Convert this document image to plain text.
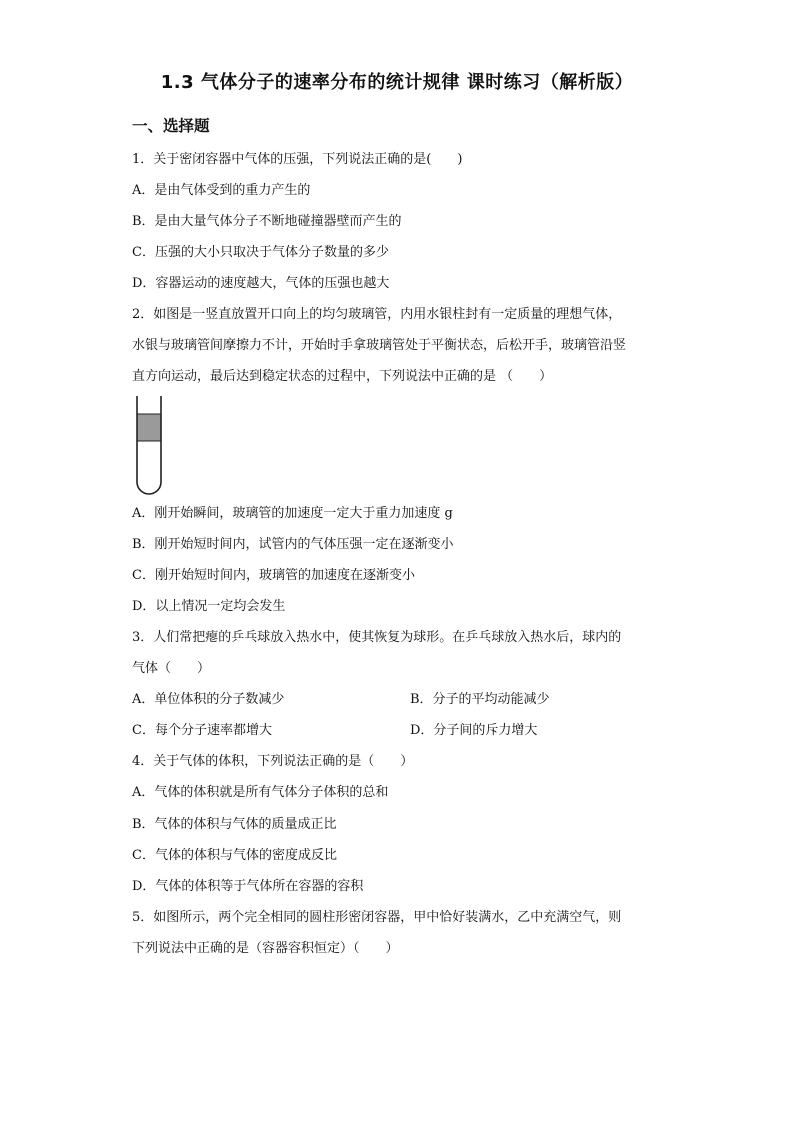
1.3 气体分子的速率分布的统计规律 课时练习（解析版）
一、选择题
1．关于密闭容器中气体的压强，下列说法正确的是(　　)
A．是由气体受到的重力产生的
B．是由大量气体分子不断地碰撞器壁而产生的
C．压强的大小只取决于气体分子数量的多少
D．容器运动的速度越大，气体的压强也越大
2．如图是一竖直放置开口向上的均匀玻璃管，内用水银柱封有一定质量的理想气体，
水银与玻璃管间摩擦力不计，开始时手拿玻璃管处于平衡状态，后松开手，玻璃管沿竖
直方向运动，最后达到稳定状态的过程中，下列说法中正确的是 （　　）
A．刚开始瞬间，玻璃管的加速度一定大于重力加速度 g
B．刚开始短时间内，试管内的气体压强一定在逐渐变小
C．刚开始短时间内，玻璃管的加速度在逐渐变小
D．以上情况一定均会发生
3．人们常把瘪的乒乓球放入热水中，使其恢复为球形。在乒乓球放入热水后，球内的
气体（　　）
A．单位体积的分子数减少	B．分子的平均动能减少
C．每个分子速率都增大	D．分子间的斥力增大
4．关于气体的体积，下列说法正确的是（　　）
A．气体的体积就是所有气体分子体积的总和
B．气体的体积与气体的质量成正比
C．气体的体积与气体的密度成反比
D．气体的体积等于气体所在容器的容积
5．如图所示，两个完全相同的圆柱形密闭容器，甲中恰好装满水，乙中充满空气，则
下列说法中正确的是（容器容积恒定）（　　）
